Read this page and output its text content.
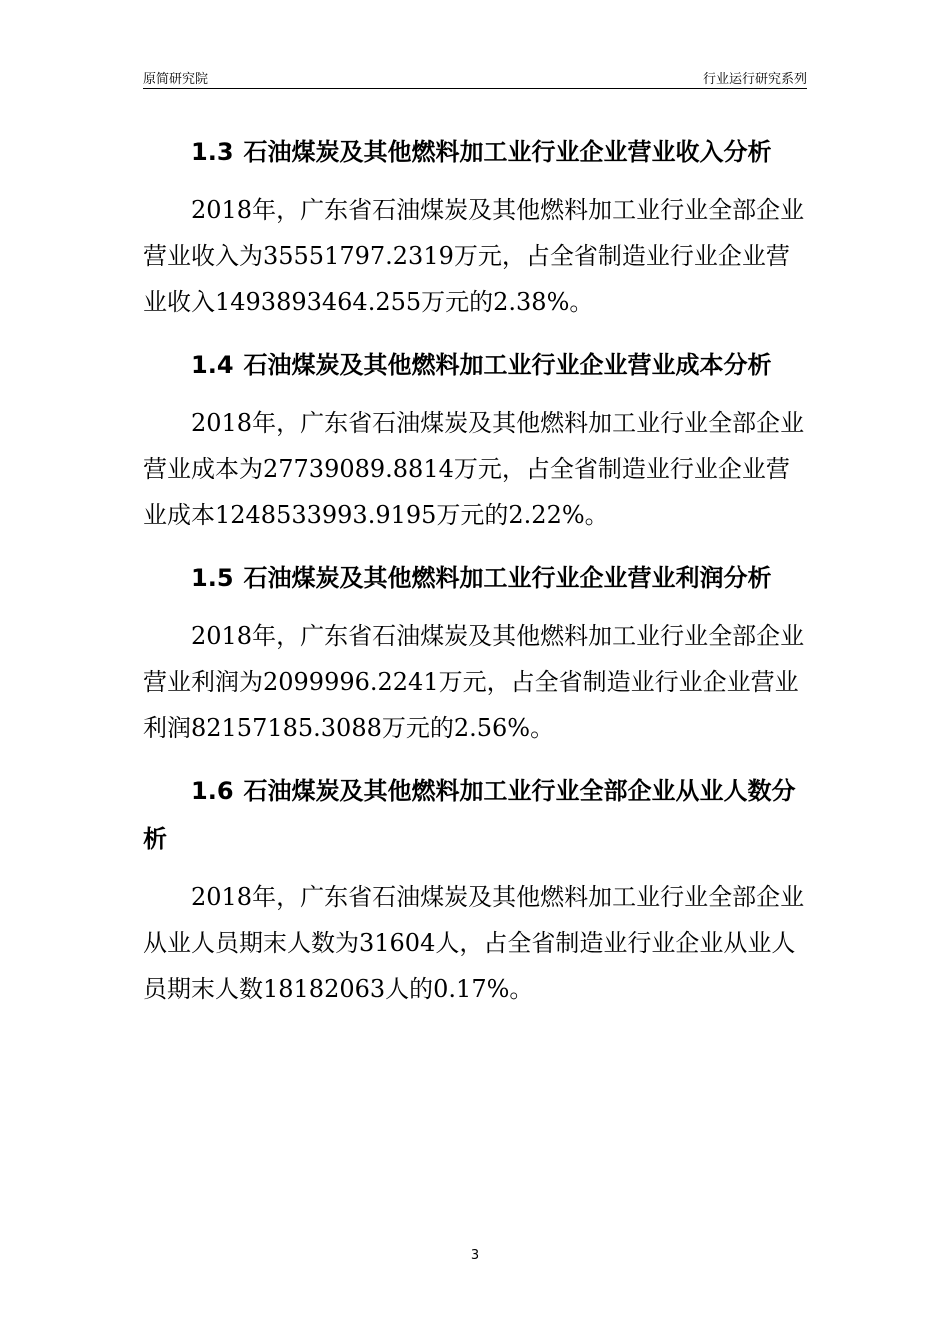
原简研究院	行业运行研究系列
1.3 石油煤炭及其他燃料加工业行业企业营业收入分析

2018年，广东省石油煤炭及其他燃料加工业行业全部企业营业收入为35551797.2319万元，占全省制造业行业企业营业收入1493893464.255万元的2.38%。

1.4 石油煤炭及其他燃料加工业行业企业营业成本分析

2018年，广东省石油煤炭及其他燃料加工业行业全部企业营业成本为27739089.8814万元，占全省制造业行业企业营业成本1248533993.9195万元的2.22%。

1.5 石油煤炭及其他燃料加工业行业企业营业利润分析

2018年，广东省石油煤炭及其他燃料加工业行业全部企业营业利润为2099996.2241万元，占全省制造业行业企业营业利润82157185.3088万元的2.56%。

1.6 石油煤炭及其他燃料加工业行业全部企业从业人数分析

2018年，广东省石油煤炭及其他燃料加工业行业全部企业从业人员期末人数为31604人，占全省制造业行业企业从业人员期末人数18182063人的0.17%。

3
